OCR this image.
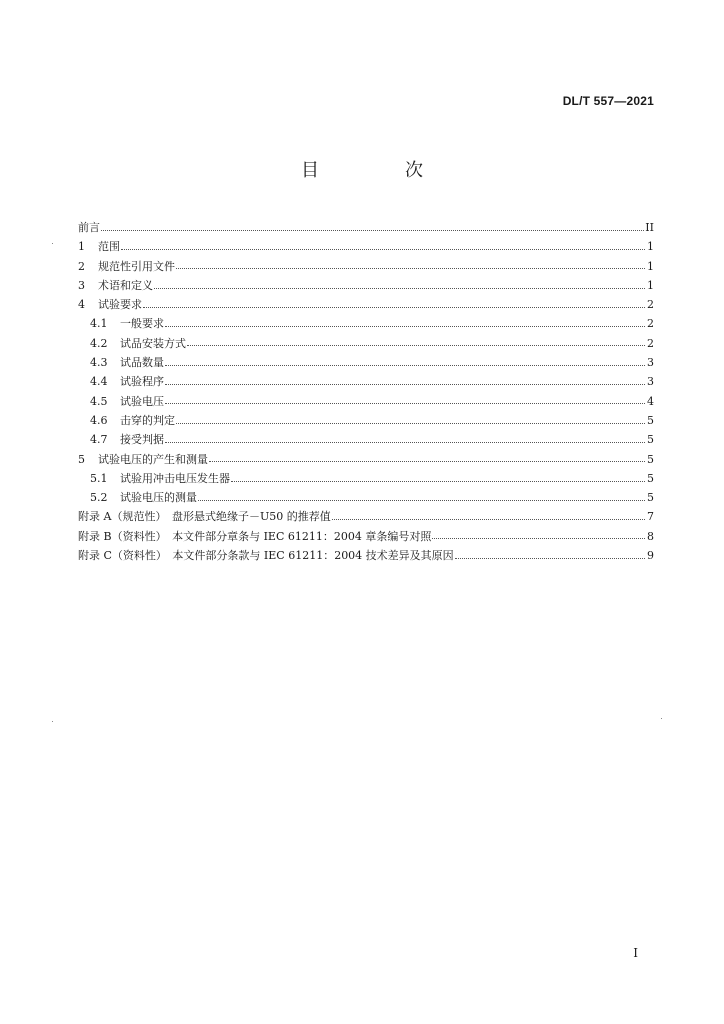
DL/T 557—2021
目　次
前言	II
1	范围	1
2	规范性引用文件	1
3	术语和定义	1
4	试验要求	2
4.1	一般要求	2
4.2	试品安装方式	2
4.3	试品数量	3
4.4	试验程序	3
4.5	试验电压	4
4.6	击穿的判定	5
4.7	接受判据	5
5	试验电压的产生和测量	5
5.1	试验用冲击电压发生器	5
5.2	试验电压的测量	5
附录 A（规范性）　盘形悬式绝缘子－U50 的推荐值	7
附录 B（资料性）　本文件部分章条与 IEC 61211：2004 章条编号对照	8
附录 C（资料性）　本文件部分条款与 IEC 61211：2004 技术差异及其原因	9
I
